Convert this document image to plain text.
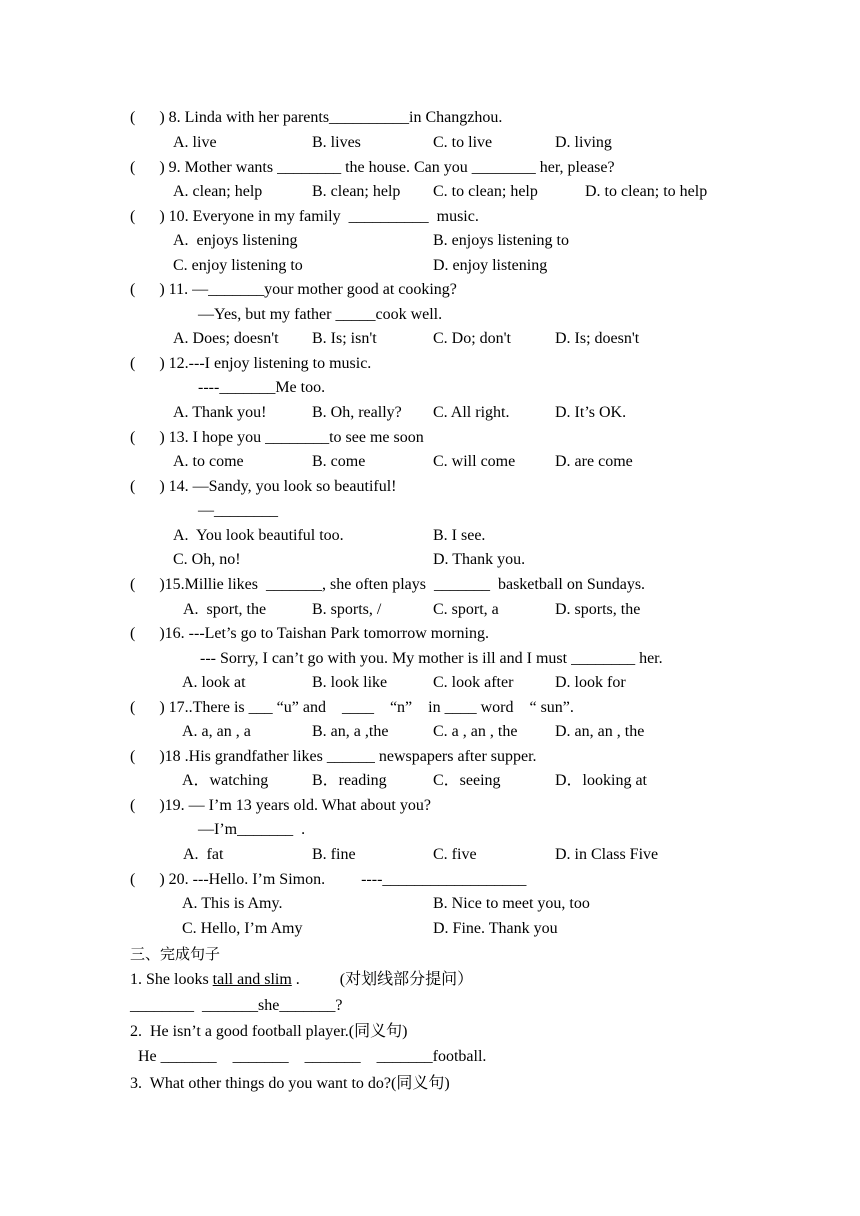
(      ) 8. Linda with her parents__________in Changzhou.
A. live	B. lives	C. to live	D. living
(      ) 9. Mother wants ________ the house. Can you ________ her, please?
A. clean; help	B. clean; help C. to clean; help	D. to clean; to help
(      ) 10. Everyone in my family  __________  music.
A.  enjoys listening	B. enjoys listening to
C. enjoy listening to	D. enjoy listening
(      ) 11. —_______your mother good at cooking?
—Yes, but my father _____cook well.
A. Does; doesn't B. Is; isn't	C. Do; don't	D. Is; doesn't
(      ) 12.---I enjoy listening to music.
----_______Me too.
A. Thank you!	B. Oh, really? C. All right.	D. It’s OK.
(      ) 13. I hope you ________to see me soon
A. to come	B. come	C. will come D. are come
(      ) 14. —Sandy, you look so beautiful!
—________
A.  You look beautiful too.	B. I see.
C. Oh, no!	D. Thank you.
(      )15.Millie likes  _______, she often plays  _______  basketball on Sundays.
A.  sport, the	B. sports, /	C. sport, a	D. sports, the
(      )16. ---Let’s go to Taishan Park tomorrow morning.
--- Sorry, I can’t go with you. My mother is ill and I must ________ her.
A. look at	B. look like	C. look after	D. look for
(      ) 17..There is ___ “u” and    ____    “n”    in ____ word    “ sun”.
A. a, an , a	B. an, a ,the	C. a , an , the D. an, an , the
(      )18 .His grandfather likes ______ newspapers after supper.
A．watching	B．reading	C．seeing	D．looking at
(      )19. — I’m 13 years old. What about you?
—I’m_______  .
A.  fat	B. fine	C. five	D. in Class Five
(      ) 20. ---Hello. I’m Simon.         ----__________________
A. This is Amy.	B. Nice to meet you, too
C. Hello, I’m Amy	D. Fine. Thank you
三、完成句子
1. She looks tall and slim .          (对划线部分提问）
________  _______she_______?
2.  He isn’t a good football player.(同义句)
He _______    _______    _______    _______football.
3.  What other things do you want to do?(同义句)
